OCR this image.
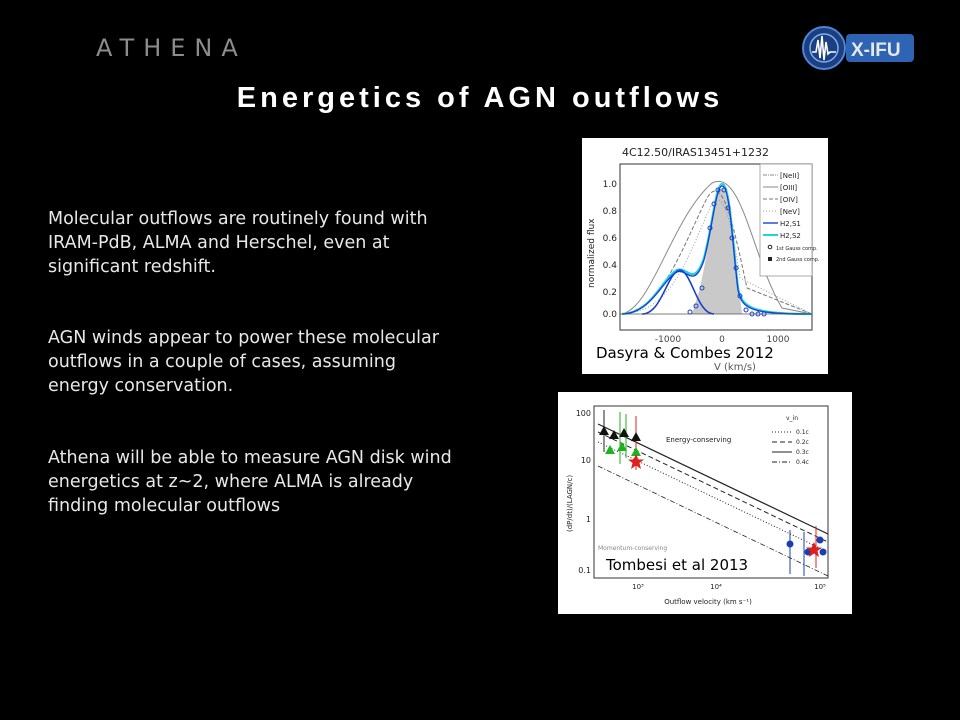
ATHENA	X-IFU
Energetics of AGN outflows
Molecular outflows are routinely found with IRAM-PdB, ALMA and Herschel, even at significant redshift.
AGN winds appear to power these molecular outflows in a couple of cases, assuming energy conservation.
Athena will be able to measure AGN disk wind energetics at z~2, where ALMA is already finding molecular outflows
4C12.50/IRAS13451+1232
1.0
0.8
0.6
0.4
0.2
0.0
normalized flux
[NeII]
[OIII]
[OIV]
[NeV]
H2,S1
H2,S2
1st Gauss comp.
2nd Gauss comp.
-1000	0	1000
V (km/s)
Dasyra & Combes 2012
100
10
1
0.1
(dP/dt)/(LAGN/c)
Energy-conserving
Momentum-conserving
v_in
0.1c
0.2c
0.3c
0.4c
10³	10⁴	10⁵
Outflow velocity (km s⁻¹)
Tombesi et al 2013
